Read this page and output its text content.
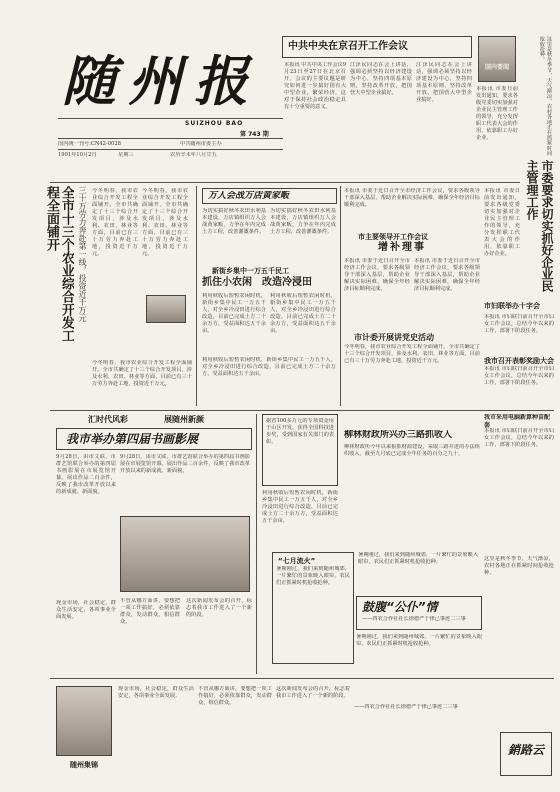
随州报
SUIZHOU BAO
第 743 期
国内统一刊号:CN42-0028	中共随州市委主办
1991年10月2日	星期三	农历辛未年八月廿五
中共中央在京召开工作会议
本报讯 中共中央工作会议9月23日至27日在北京召开。会议的主要议题是研究如何进一步搞好国有大中型企业，繁荣经济，这对于保持社会政治稳定具有十分重要的意义。
江泽民同志在会上讲话，强调必须坚持以经济建设为中心，坚持四项基本原则，坚持改革开放，把国营大中型企业搞好。
江泽民同志在会上讲话，强调必须坚持以经济建设为中心，坚持四项基本原则，坚持改革开放，把国营大中型企业搞好。
国内要闻
本报讯 市委日前发出通知，要求各级党委切实加强对企业民主管理工作的领导，充分发挥职工代表大会的作用，依靠职工办好企业。	这里是秋冬季节，天气渐凉，农村各地正在抓紧时间抢收抢种。
三十万劳力奔赴第一线，投资近千万元
全市十三个农业综合开发工程全面铺开	今冬明春，我市农业综合开发工程全面铺开。全市共确定了十三个综合开发项目，涉及水利、农田、林业等方面，目前已有三十万劳力奔赴工地，投资近千万元。
今冬明春，我市农业综合开发工程全面铺开。全市共确定了十三个综合开发项目，涉及水利、农田、林业等方面，目前已有三十万劳力奔赴工地，投资近千万元。
今冬明春，我市农业综合开发工程全面铺开。全市共确定了十三个综合开发项目，涉及水利、农田、林业等方面，目前已有三十万劳力奔赴工地，投资近千万元。
万人会战万店黄家畈
为切实搞好秋冬农田水利基本建设，万店镇组织万人会战黄家畈，力争在年内完成土方工程，改善灌溉条件。
为切实搞好秋冬农田水利基本建设，万店镇组织万人会战黄家畈，力争在年内完成土方工程，改善灌溉条件。
新街乡集中一万五千民工
抓住小农闲　改造冷浸田
利用秋收后短暂农闲时机，新街乡集中民工一万五千人，对全乡冷浸田进行综合改造，目前已完成土方二十余万方，受益面积达五千余亩。
利用秋收后短暂农闲时机，新街乡集中民工一万五千人，对全乡冷浸田进行综合改造，目前已完成土方二十余万方，受益面积达五千余亩。
利用秋收后短暂农闲时机，新街乡集中民工一万五千人，对全乡冷浸田进行综合改造，目前已完成土方二十余万方，受益面积达五千余亩。
本报讯 市委于近日召开全市经济工作会议，要求各级领导干部深入基层，帮助企业解决实际困难，确保全年经济目标顺利完成。
市主要领导开工作会议
增补理事
本报讯 市委于近日召开全市经济工作会议，要求各级领导干部深入基层，帮助企业解决实际困难，确保全年经济目标顺利完成。
本报讯 市委于近日召开全市经济工作会议，要求各级领导干部深入基层，帮助企业解决实际困难，确保全年经济目标顺利完成。
市计委开展讲党史活动
今冬明春，我市农业综合开发工程全面铺开。全市共确定了十三个综合开发项目，涉及水利、农田、林业等方面，目前已有三十万劳力奔赴工地，投资近千万元。
市委要求切实抓好企业民主管理工作
本报讯 市委日前发出通知，要求各级党委切实加强对企业民主管理工作的领导，充分发挥职工代表大会的作用，依靠职工办好企业。
市妇联举办十字会
本报讯 市妇联日前召开全市妇女工作会议，总结今年以来的工作，部署下阶段任务。
我市召开表彰奖励大会
本报讯 市妇联日前召开全市妇女工作会议，总结今年以来的工作，部署下阶段任务。
据省100多万元的专项资金用于山区开发，获得全国科技进步奖，受到国家有关部门的表彰。
汇时代风彩	展随州新颜
我市举办第四届书画影展
9月28日，由市文联、市群艺馆联合举办的第四届书画影展在市展览馆开幕。展出作品二百余件，反映了我市改革开放以来的新成就、新面貌。
9月28日，由市文联、市群艺馆联合举办的第四届书画影展在市展览馆开幕。展出作品二百余件，反映了我市改革开放以来的新成就、新面貌。
柳林财政所兴办三路抓收入
柳林财政所今年以来狠抓财源建设，采取三路并进的办法组织收入，截至九月底已完成全年任务的百分之九十。
利用秋收后短暂农闲时机，新街乡集中民工一万五千人，对全乡冷浸田进行综合改造，目前已完成土方二十余万方，受益面积达五千余亩。
我市采用电脑新算种苗配套
本报讯 市妇联日前召开全市妇女工作会议，总结今年以来的工作，部署下阶段任务。
“七月流火”
暑期刚过，我们来到随州城郊，一片繁忙的景象映入眼帘，农民们正抓紧时机抢收抢种。
暑期刚过，我们来到随州城郊，一片繁忙的景象映入眼帘，农民们正抓紧时机抢收抢种。
鼓腹“公仆”情
——四农合作社社长徐德严于律己事迹二三事
暑期刚过，我们来到随州城郊，一片繁忙的景象映入眼帘，农民们正抓紧时机抢收抢种。
现金市场，社会稳定，群众生活安定，各项事业全面发展。
不管从哪方面讲，要想把一项工作搞好，必须依靠群众，发动群众，相信群众。
这次新闻发布会的召开，标志着我市工作进入了一个新的阶段。
随州集锦
现金市场，社会稳定，群众生活安定，各项事业全面发展。
不管从哪方面讲，要想把一项工作搞好，必须依靠群众，发动群众，相信群众。
这次新闻发布会的召开，标志着我市工作进入了一个新的阶段。
——四农合作社社长徐德严于律己事迹二三事
这里是秋冬季节，天气渐凉，农村各地正在抓紧时间抢收抢种。
銷路云
